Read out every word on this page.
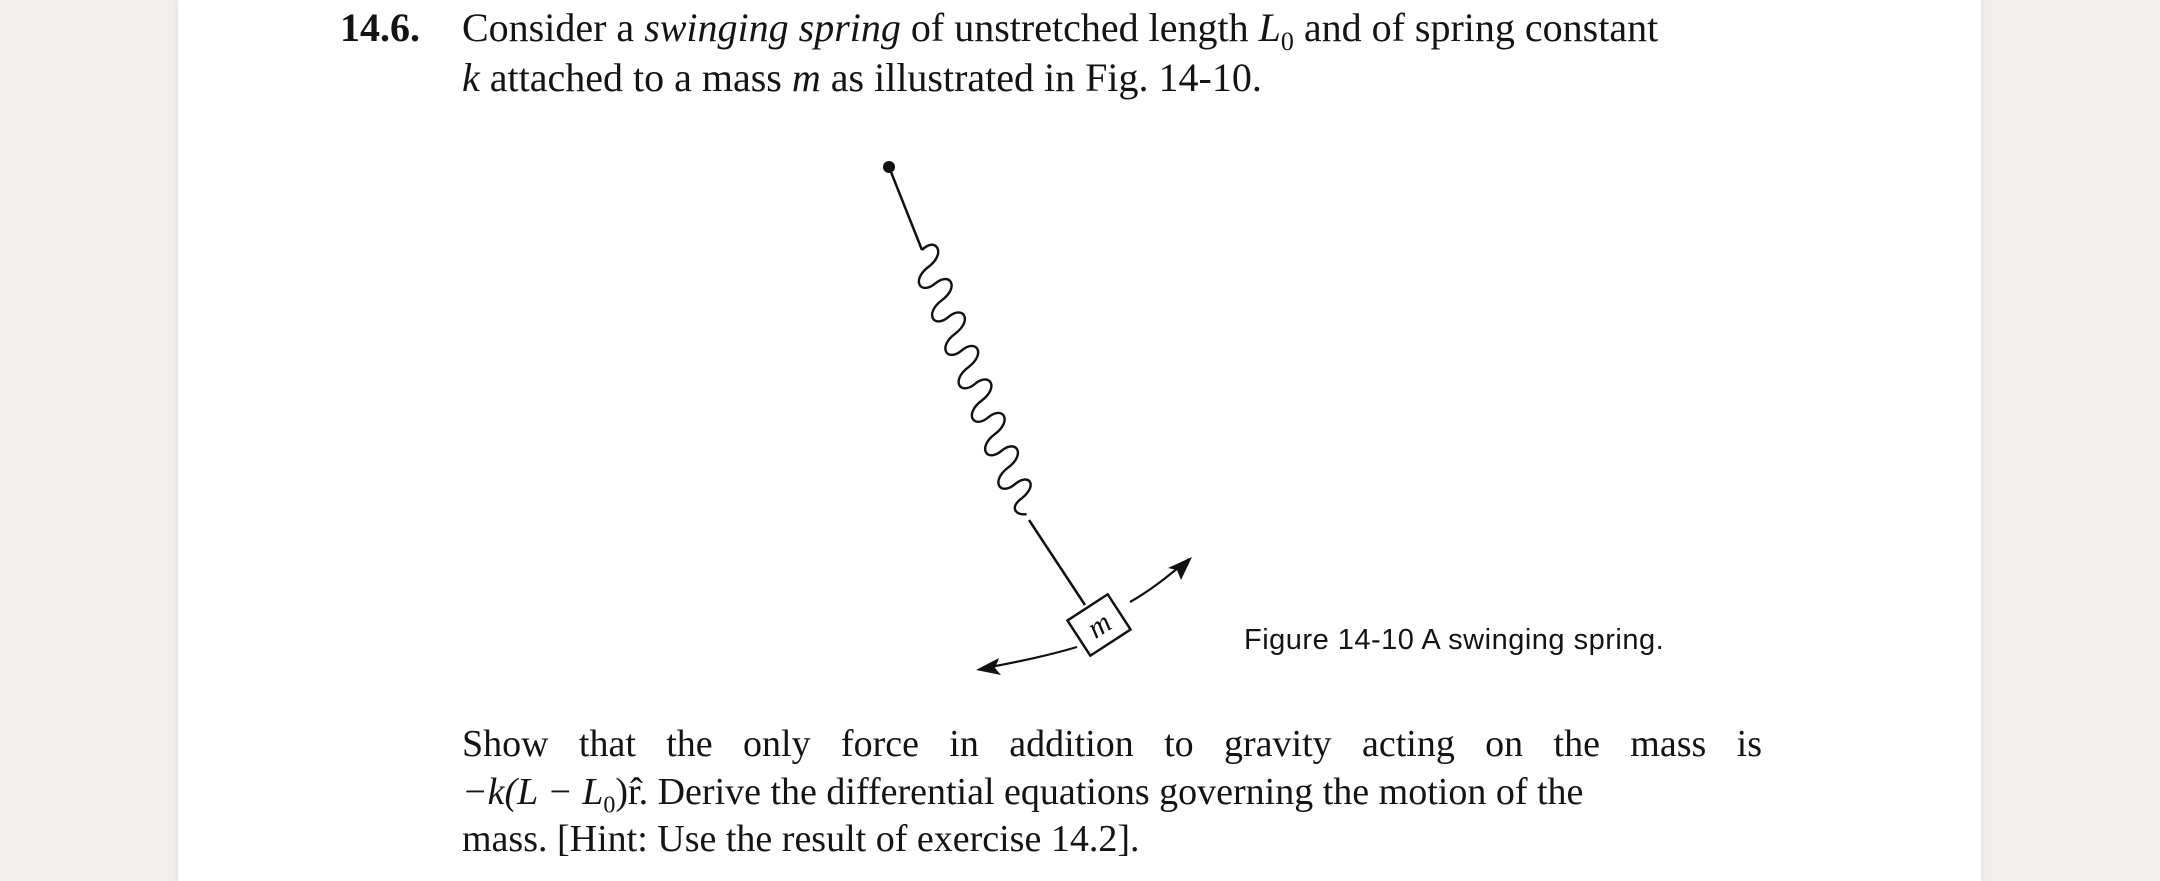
14.6. Consider a swinging spring of unstretched length $L_0$ and of spring constant
k attached to a mass m as illustrated in Fig. 14-10.
m	Figure 14-10 A swinging spring.
Show that the only force in addition to gravity acting on the mass is
$-k(L - L_0)r̂$. Derive the differential equations governing the motion of the
mass. [Hint: Use the result of exercise 14.2].
